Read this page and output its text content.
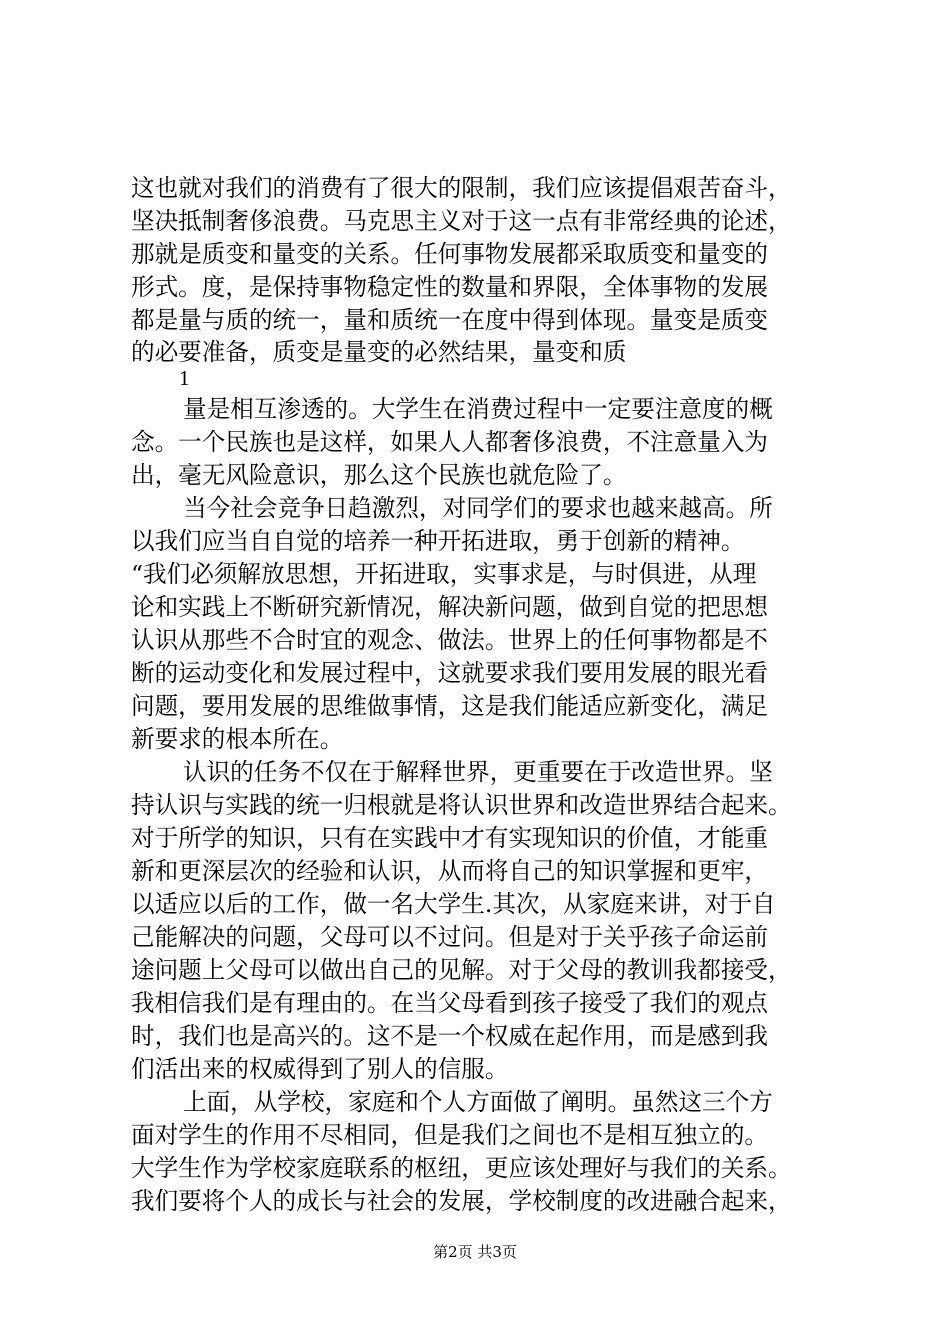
这也就对我们的消费有了很大的限制，我们应该提倡艰苦奋斗，
坚决抵制奢侈浪费。马克思主义对于这一点有非常经典的论述，
那就是质变和量变的关系。任何事物发展都采取质变和量变的
形式。度，是保持事物稳定性的数量和界限，全体事物的发展
都是量与质的统一，量和质统一在度中得到体现。量变是质变
的必要准备，质变是量变的必然结果，量变和质
1
量是相互渗透的。大学生在消费过程中一定要注意度的概
念。一个民族也是这样，如果人人都奢侈浪费，不注意量入为
出，毫无风险意识，那么这个民族也就危险了。
当今社会竞争日趋激烈，对同学们的要求也越来越高。所
以我们应当自自觉的培养一种开拓进取，勇于创新的精神。
“我们必须解放思想，开拓进取，实事求是，与时俱进，从理
论和实践上不断研究新情况，解决新问题，做到自觉的把思想
认识从那些不合时宜的观念、做法。世界上的任何事物都是不
断的运动变化和发展过程中，这就要求我们要用发展的眼光看
问题，要用发展的思维做事情，这是我们能适应新变化，满足
新要求的根本所在。
认识的任务不仅在于解释世界，更重要在于改造世界。坚
持认识与实践的统一归根就是将认识世界和改造世界结合起来。
对于所学的知识，只有在实践中才有实现知识的价值，才能重
新和更深层次的经验和认识，从而将自己的知识掌握和更牢，
以适应以后的工作，做一名大学生.其次，从家庭来讲，对于自
己能解决的问题，父母可以不过问。但是对于关乎孩子命运前
途问题上父母可以做出自己的见解。对于父母的教训我都接受，
我相信我们是有理由的。在当父母看到孩子接受了我们的观点
时，我们也是高兴的。这不是一个权威在起作用，而是感到我
们活出来的权威得到了别人的信服。
上面，从学校，家庭和个人方面做了阐明。虽然这三个方
面对学生的作用不尽相同，但是我们之间也不是相互独立的。
大学生作为学校家庭联系的枢纽，更应该处理好与我们的关系。
我们要将个人的成长与社会的发展，学校制度的改进融合起来，
第2页 共3页
